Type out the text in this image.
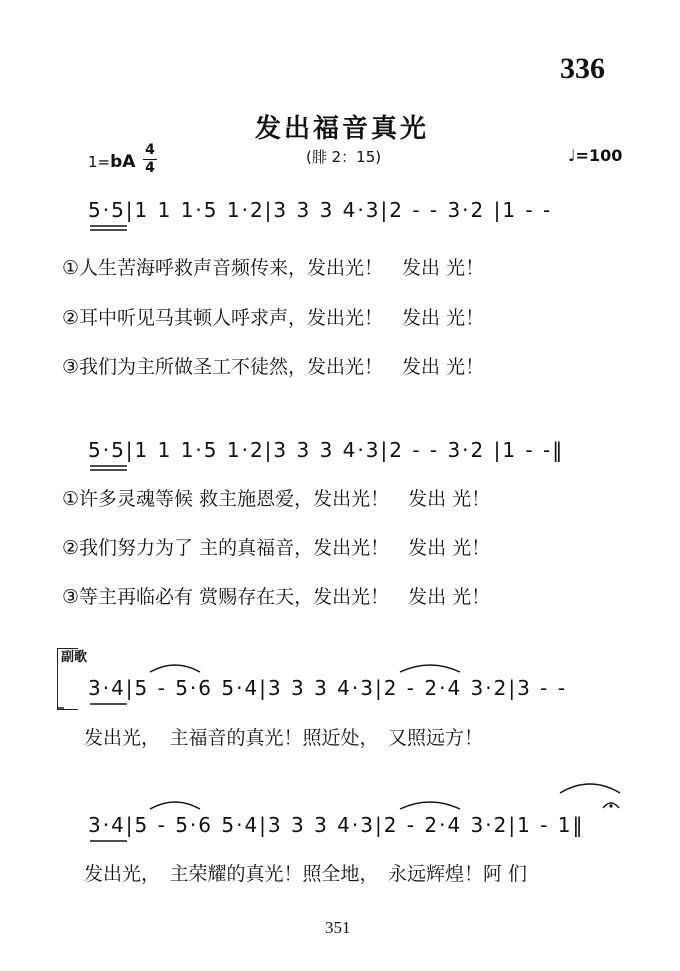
336
发出福音真光
1=bA
4
4
(腓 2：15)	♩=100
5·5|1 1 1·5 1·2|3 3 3 4·3|2 - - 3·2 |1 - -
①人生苦海呼救声音频传来，发出光！　发出 光！
②耳中听见马其顿人呼求声，发出光！　发出 光！
③我们为主所做圣工不徒然，发出光！　发出 光！
5·5|1 1 1·5 1·2|3 3 3 4·3|2 - - 3·2 |1 - -‖
①许多灵魂等候 救主施恩爱，发出光！　发出 光！
②我们努力为了 主的真福音，发出光！　发出 光！
③等主再临必有 赏赐存在天，发出光！　发出 光！
副歌
3·4|5 - 5·6 5·4|3 3 3 4·3|2 - 2·4 3·2|3 - -
发出光，　主福音的真光！照近处，　又照远方！
3·4|5 - 5·6 5·4|3 3 3 4·3|2 - 2·4 3·2|1 - 1‖
发出光，　主荣耀的真光！照全地，　永远辉煌！阿 们
351
